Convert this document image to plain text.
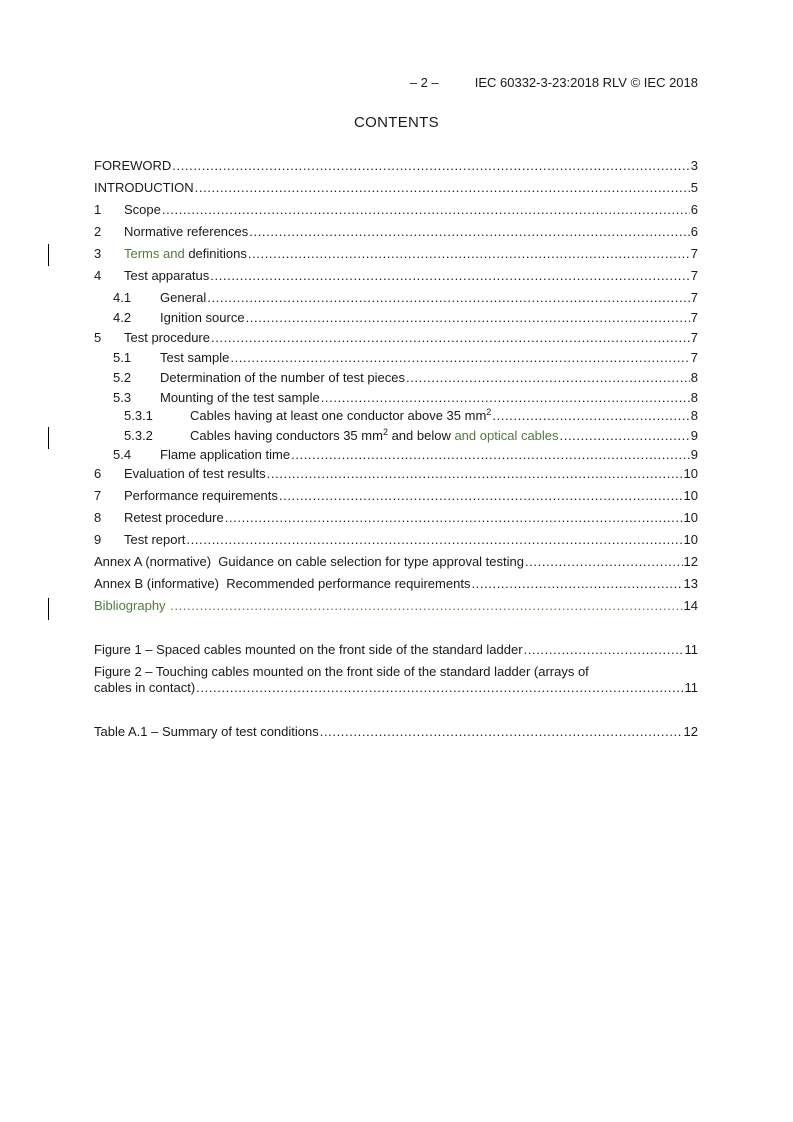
– 2 –	IEC 60332-3-23:2018 RLV © IEC 2018
CONTENTS
FOREWORD .....	3
INTRODUCTION .....	5
1 Scope .....	6
2 Normative references .....	6
3 Terms and definitions .....	7
4 Test apparatus .....	7
4.1 General .....	7
4.2 Ignition source .....	7
5 Test procedure .....	7
5.1 Test sample .....	7
5.2 Determination of the number of test pieces .....	8
5.3 Mounting of the test sample .....	8
5.3.1	Cables having at least one conductor above 35 $mm^2$ .....	8
5.3.2	Cables having conductors 35 $mm^2$ and below and optical cables .....	9
5.4 Flame application time .....	9
6 Evaluation of test results .....	10
7 Performance requirements .....	10
8 Retest procedure .....	10
9 Test report .....	10
Annex A (normative)  Guidance on cable selection for type approval testing .....	12
Annex B (informative)  Recommended performance requirements .....	13
Bibliography .....	14
Figure 1 – Spaced cables mounted on the front side of the standard ladder .....	11
Figure 2 – Touching cables mounted on the front side of the standard ladder (arrays of
cables in contact) .....	11
Table A.1 – Summary of test conditions .....	12
